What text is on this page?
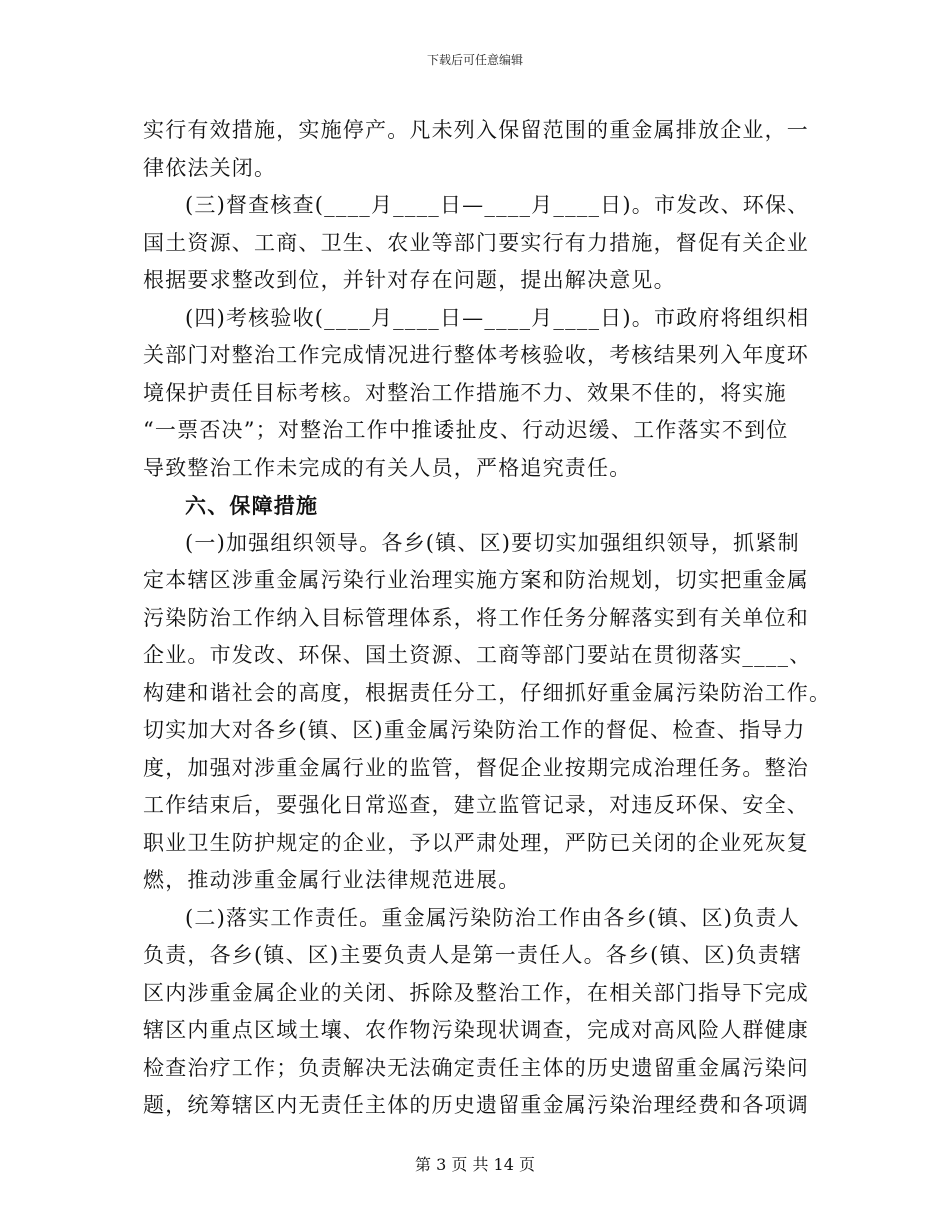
下载后可任意编辑
实行有效措施，实施停产。凡未列入保留范围的重金属排放企业，一
律依法关闭。
(三)督查核查(____月____日—____月____日)。市发改、环保、
国土资源、工商、卫生、农业等部门要实行有力措施，督促有关企业
根据要求整改到位，并针对存在问题，提出解决意见。
(四)考核验收(____月____日—____月____日)。市政府将组织相
关部门对整治工作完成情况进行整体考核验收，考核结果列入年度环
境保护责任目标考核。对整治工作措施不力、效果不佳的，将实施
“一票否决”；对整治工作中推诿扯皮、行动迟缓、工作落实不到位
导致整治工作未完成的有关人员，严格追究责任。
六、保障措施
(一)加强组织领导。各乡(镇、区)要切实加强组织领导，抓紧制
定本辖区涉重金属污染行业治理实施方案和防治规划，切实把重金属
污染防治工作纳入目标管理体系，将工作任务分解落实到有关单位和
企业。市发改、环保、国土资源、工商等部门要站在贯彻落实____、
构建和谐社会的高度，根据责任分工，仔细抓好重金属污染防治工作。
切实加大对各乡(镇、区)重金属污染防治工作的督促、检查、指导力
度，加强对涉重金属行业的监管，督促企业按期完成治理任务。整治
工作结束后，要强化日常巡查，建立监管记录，对违反环保、安全、
职业卫生防护规定的企业，予以严肃处理，严防已关闭的企业死灰复
燃，推动涉重金属行业法律规范进展。
(二)落实工作责任。重金属污染防治工作由各乡(镇、区)负责人
负责，各乡(镇、区)主要负责人是第一责任人。各乡(镇、区)负责辖
区内涉重金属企业的关闭、拆除及整治工作，在相关部门指导下完成
辖区内重点区域土壤、农作物污染现状调查，完成对高风险人群健康
检查治疗工作；负责解决无法确定责任主体的历史遗留重金属污染问
题，统筹辖区内无责任主体的历史遗留重金属污染治理经费和各项调
第 3 页 共 14 页
